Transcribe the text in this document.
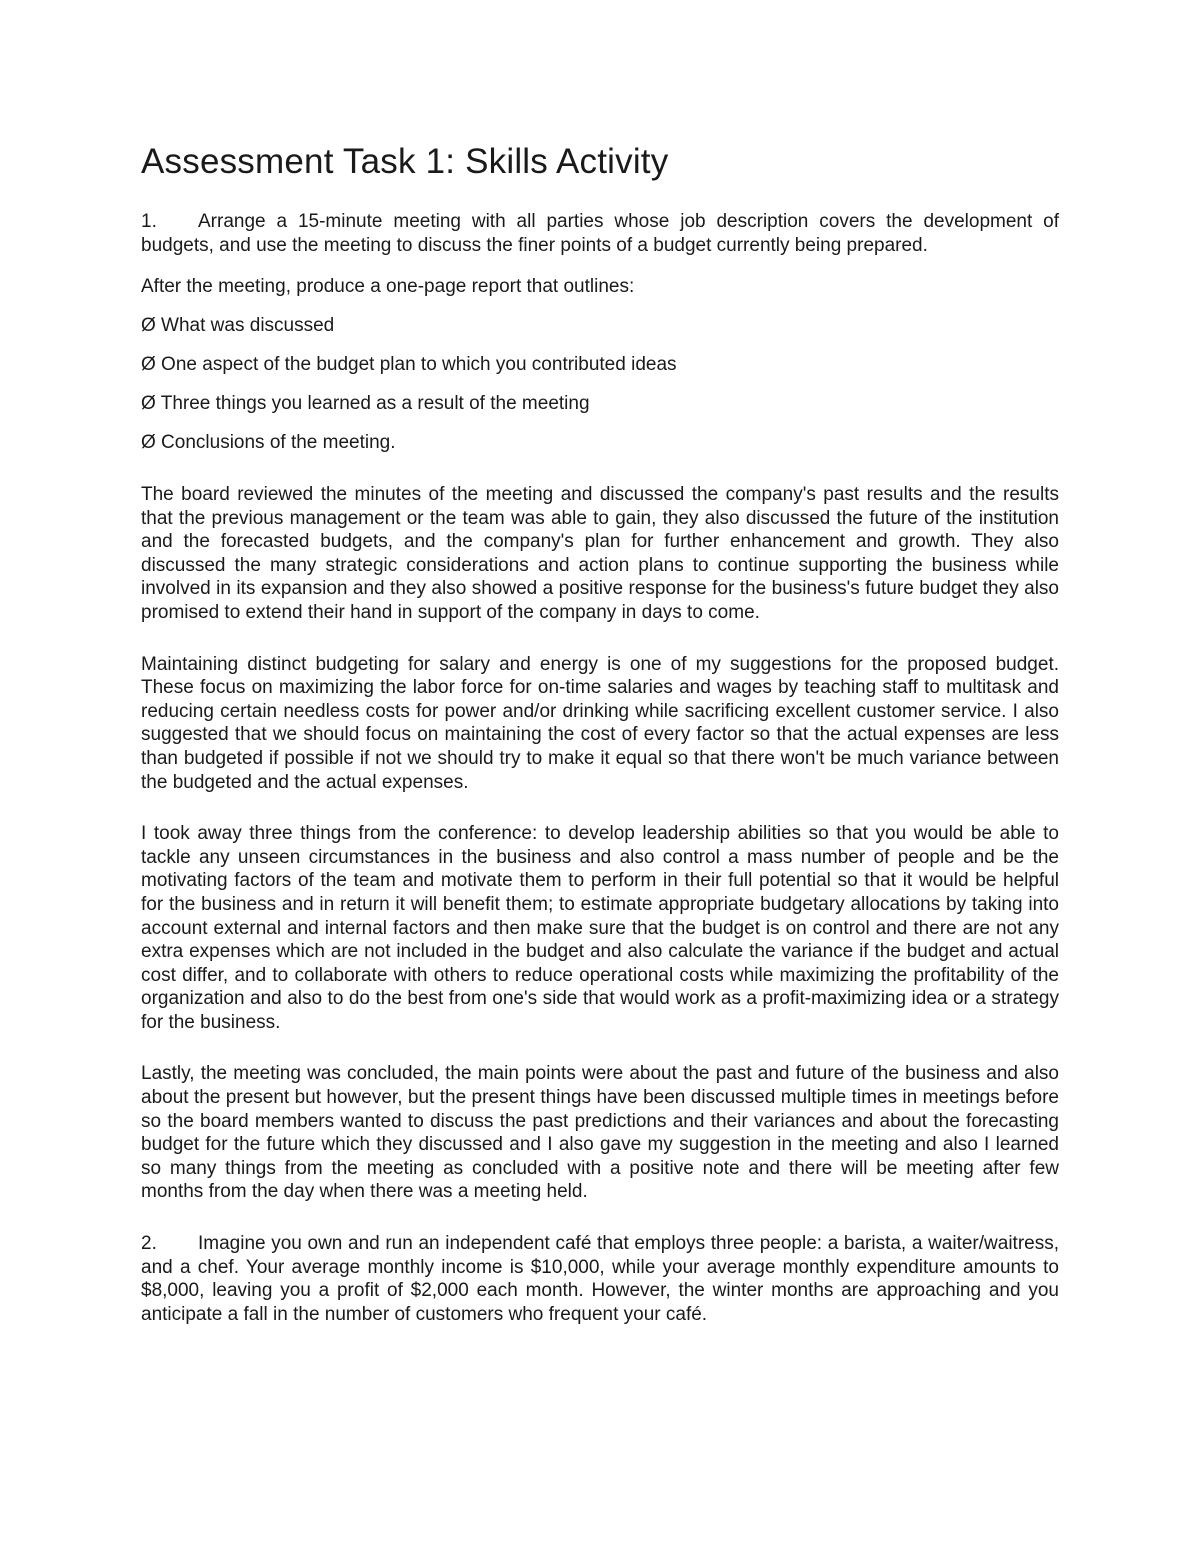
Assessment Task 1: Skills Activity

1. Arrange a 15-minute meeting with all parties whose job description covers the development of budgets, and use the meeting to discuss the finer points of a budget currently being prepared.

After the meeting, produce a one-page report that outlines:

Ø What was discussed

Ø One aspect of the budget plan to which you contributed ideas

Ø Three things you learned as a result of the meeting

Ø Conclusions of the meeting.

The board reviewed the minutes of the meeting and discussed the company's past results and the results that the previous management or the team was able to gain, they also discussed the future of the institution and the forecasted budgets, and the company's plan for further enhancement and growth. They also discussed the many strategic considerations and action plans to continue supporting the business while involved in its expansion and they also showed a positive response for the business's future budget they also promised to extend their hand in support of the company in days to come.

Maintaining distinct budgeting for salary and energy is one of my suggestions for the proposed budget. These focus on maximizing the labor force for on-time salaries and wages by teaching staff to multitask and reducing certain needless costs for power and/or drinking while sacrificing excellent customer service. I also suggested that we should focus on maintaining the cost of every factor so that the actual expenses are less than budgeted if possible if not we should try to make it equal so that there won't be much variance between the budgeted and the actual expenses.

I took away three things from the conference: to develop leadership abilities so that you would be able to tackle any unseen circumstances in the business and also control a mass number of people and be the motivating factors of the team and motivate them to perform in their full potential so that it would be helpful for the business and in return it will benefit them; to estimate appropriate budgetary allocations by taking into account external and internal factors and then make sure that the budget is on control and there are not any extra expenses which are not included in the budget and also calculate the variance if the budget and actual cost differ, and to collaborate with others to reduce operational costs while maximizing the profitability of the organization and also to do the best from one's side that would work as a profit-maximizing idea or a strategy for the business.

Lastly, the meeting was concluded, the main points were about the past and future of the business and also about the present but however, but the present things have been discussed multiple times in meetings before so the board members wanted to discuss the past predictions and their variances and about the forecasting budget for the future which they discussed and I also gave my suggestion in the meeting and also I learned so many things from the meeting as concluded with a positive note and there will be meeting after few months from the day when there was a meeting held.

2. Imagine you own and run an independent café that employs three people: a barista, a waiter/waitress, and a chef. Your average monthly income is $10,000, while your average monthly expenditure amounts to $8,000, leaving you a profit of $2,000 each month. However, the winter months are approaching and you anticipate a fall in the number of customers who frequent your café.
